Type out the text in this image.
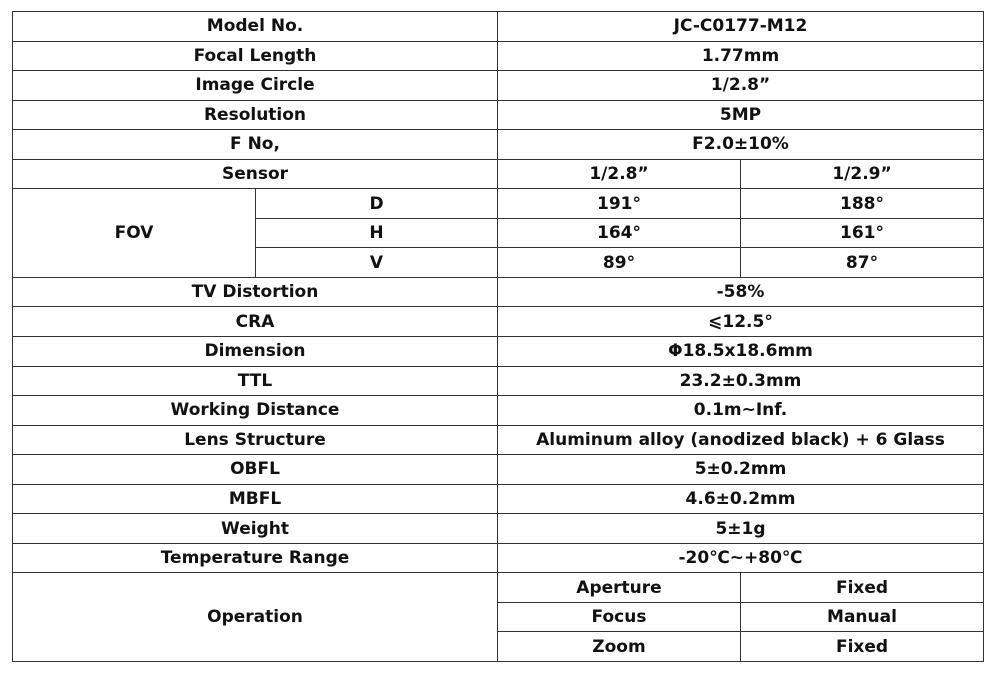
Model No.		JC-C0177-M12	
Focal Length		1.77mm	
Image Circle		1/2.8”	
Resolution		5MP	
F No,		F2.0±10%	
Sensor		1/2.8”	1/2.9”
FOV	D	191°	188°
	H	164°	161°
	V	89°	87°
TV Distortion		-58%	
CRA		⩽12.5°	
Dimension		Φ18.5x18.6mm	
TTL		23.2±0.3mm	
Working Distance		0.1m~Inf.	
Lens Structure		Aluminum alloy (anodized black) + 6 Glass	
OBFL		5±0.2mm	
MBFL		4.6±0.2mm	
Weight		5±1g	
Temperature Range		-20℃~+80℃	
Operation		Aperture	Fixed
		Focus	Manual
		Zoom	Fixed
